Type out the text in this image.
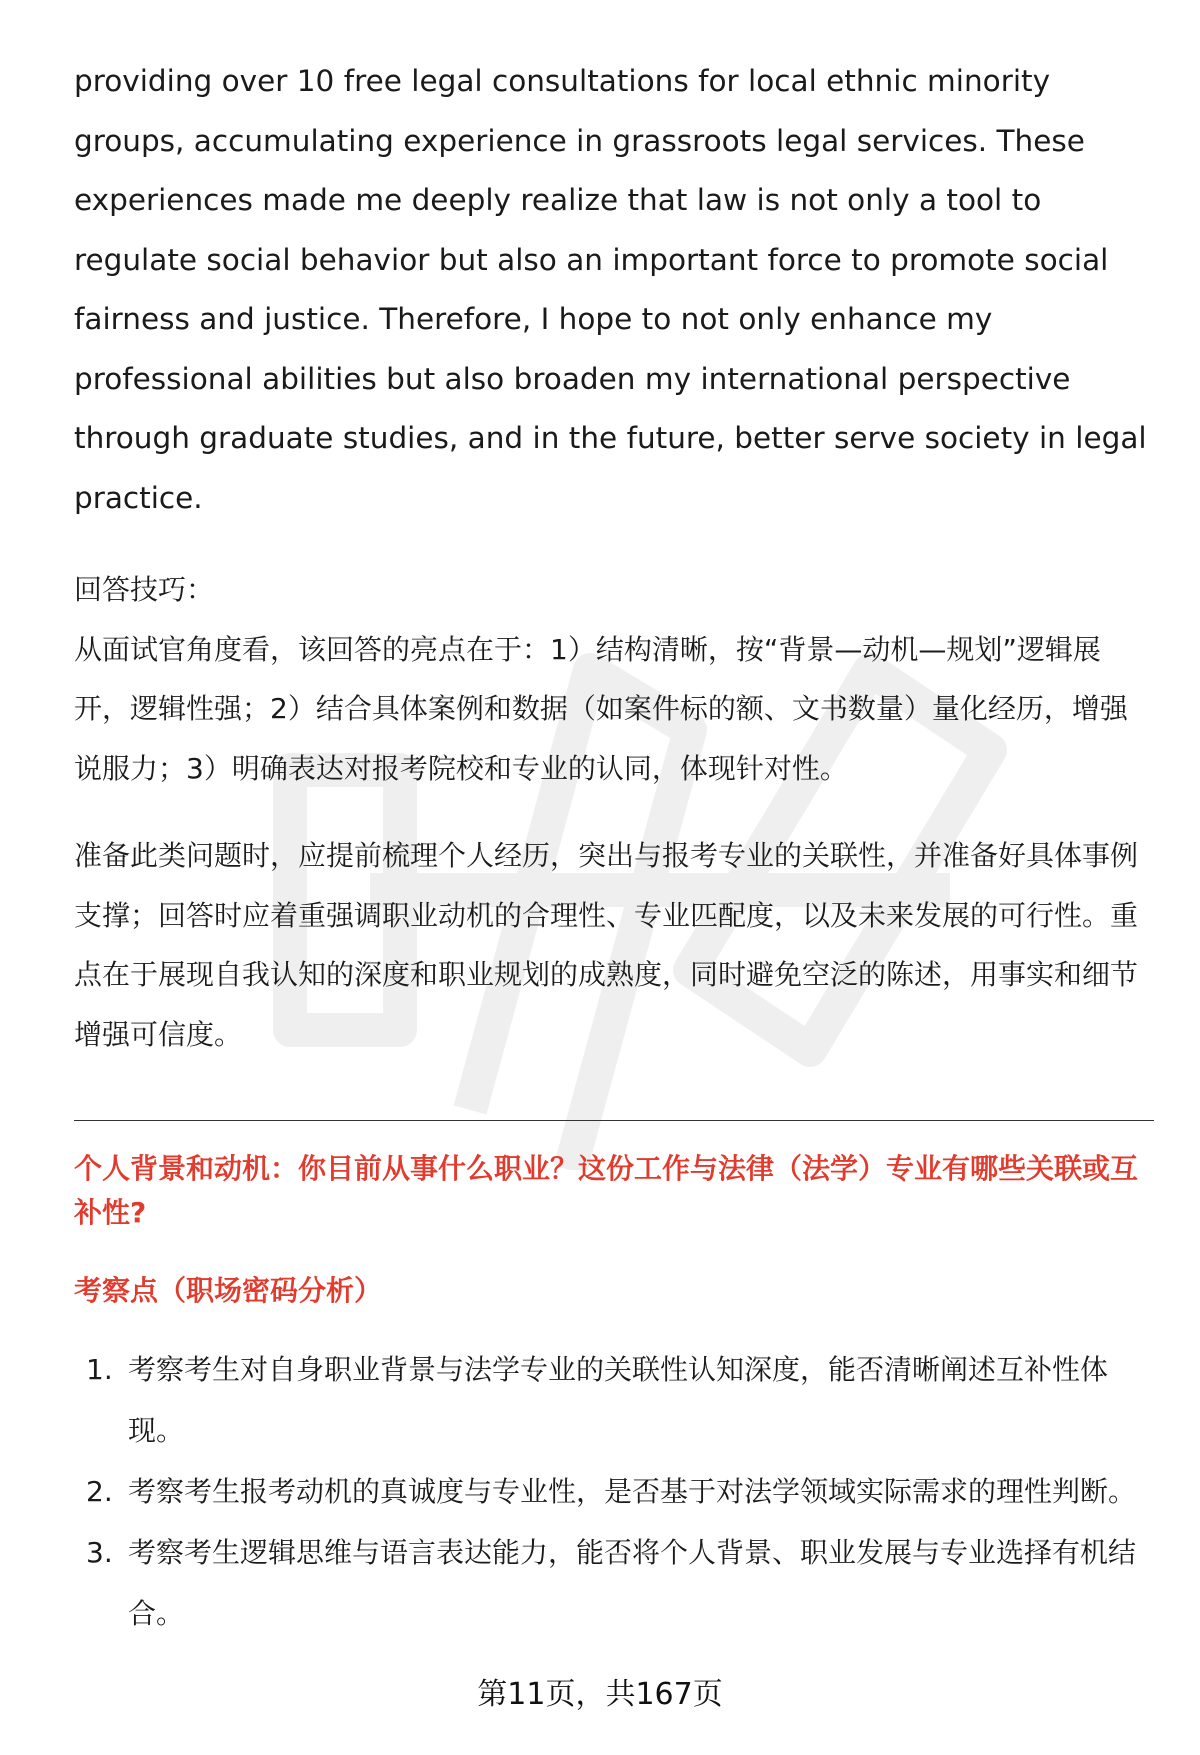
providing over 10 free legal consultations for local ethnic minority groups, accumulating experience in grassroots legal services. These experiences made me deeply realize that law is not only a tool to regulate social behavior but also an important force to promote social fairness and justice. Therefore, I hope to not only enhance my professional abilities but also broaden my international perspective through graduate studies, and in the future, better serve society in legal practice.

回答技巧：

从面试官角度看，该回答的亮点在于：1）结构清晰，按“背景—动机—规划”逻辑展开，逻辑性强；2）结合具体案例和数据（如案件标的额、文书数量）量化经历，增强说服力；3）明确表达对报考院校和专业的认同，体现针对性。

准备此类问题时，应提前梳理个人经历，突出与报考专业的关联性，并准备好具体事例支撑；回答时应着重强调职业动机的合理性、专业匹配度，以及未来发展的可行性。重点在于展现自我认知的深度和职业规划的成熟度，同时避免空泛的陈述，用事实和细节增强可信度。

个人背景和动机：你目前从事什么职业？这份工作与法律（法学）专业有哪些关联或互补性?

考察点（职场密码分析）

1. 考察考生对自身职业背景与法学专业的关联性认知深度，能否清晰阐述互补性体现。
2. 考察考生报考动机的真诚度与专业性，是否基于对法学领域实际需求的理性判断。
3. 考察考生逻辑思维与语言表达能力，能否将个人背景、职业发展与专业选择有机结合。
第11页，共167页
